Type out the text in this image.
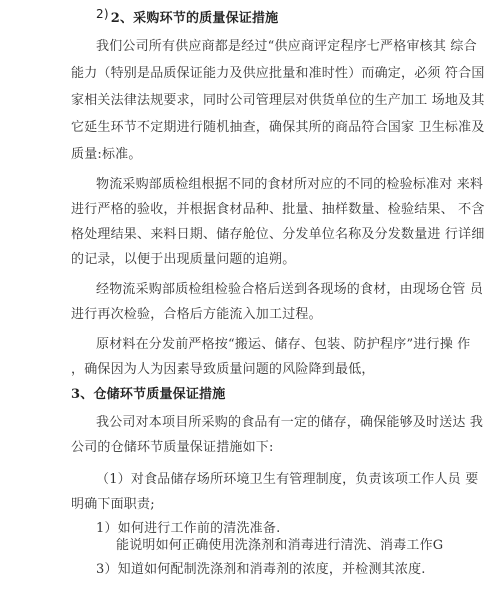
2) 2、采购环节的质量保证措施
我们公司所有供应商都是经过“供应商评定程序七严格审核其 综合
能力（特别是品质保证能力及供应批量和准时性）而确定，必须 符合国
家相关法律法规要求，同时公司管理层对供货单位的生产加工 场地及其
它延生环节不定期进行随机抽查，确保其所的商品符合国家 卫生标准及
质量:标准。
物流采购部质检组根据不同的食材所对应的不同的检验标准对 来料
进行严格的验收，并根据食材品种、批量、抽样数量、检验结果、 不含
格处理结果、来料日期、储存舱位、分发单位名称及分发数量进 行详细
的记录，以便于出现质量问题的追朔。
经物流采购部质检组检验合格后送到各现场的食材，由现场仓管 员
进行再次检验，合格后方能流入加工过程。
原材料在分发前严格按“搬运、储存、包装、防护程序”进行操 作
，确保因为人为因素导致质量问题的风险降到最低，
3、仓储环节质量保证措施
我公司对本项目所采购的食品有一定的储存，确保能够及时送达 我
公司的仓储环节质量保证措施如下:
（1）对食品储存场所环境卫生有管理制度，负责该项工作人员 要
明确下面职责;
1）如何进行工作前的清洗准备.
能说明如何正确使用洗涤剂和消毒进行清洗、消毒工作G
3）知道如何配制洗涤剂和消毒剂的浓度，并检测其浓度.
